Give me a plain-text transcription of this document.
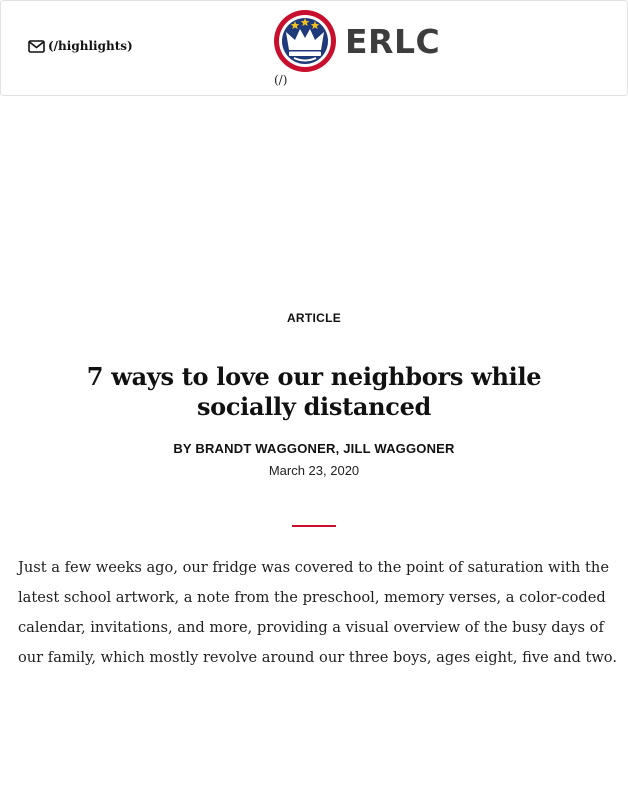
(/highlights)	ERLC
(/)
ARTICLE
7 ways to love our neighbors while socially distanced
BY BRANDT WAGGONER, JILL WAGGONER
March 23, 2020

Just a few weeks ago, our fridge was covered to the point of saturation with the latest school artwork, a note from the preschool, memory verses, a color-coded calendar, invitations, and more, providing a visual overview of the busy days of our family, which mostly revolve around our three boys, ages eight, five and two.
